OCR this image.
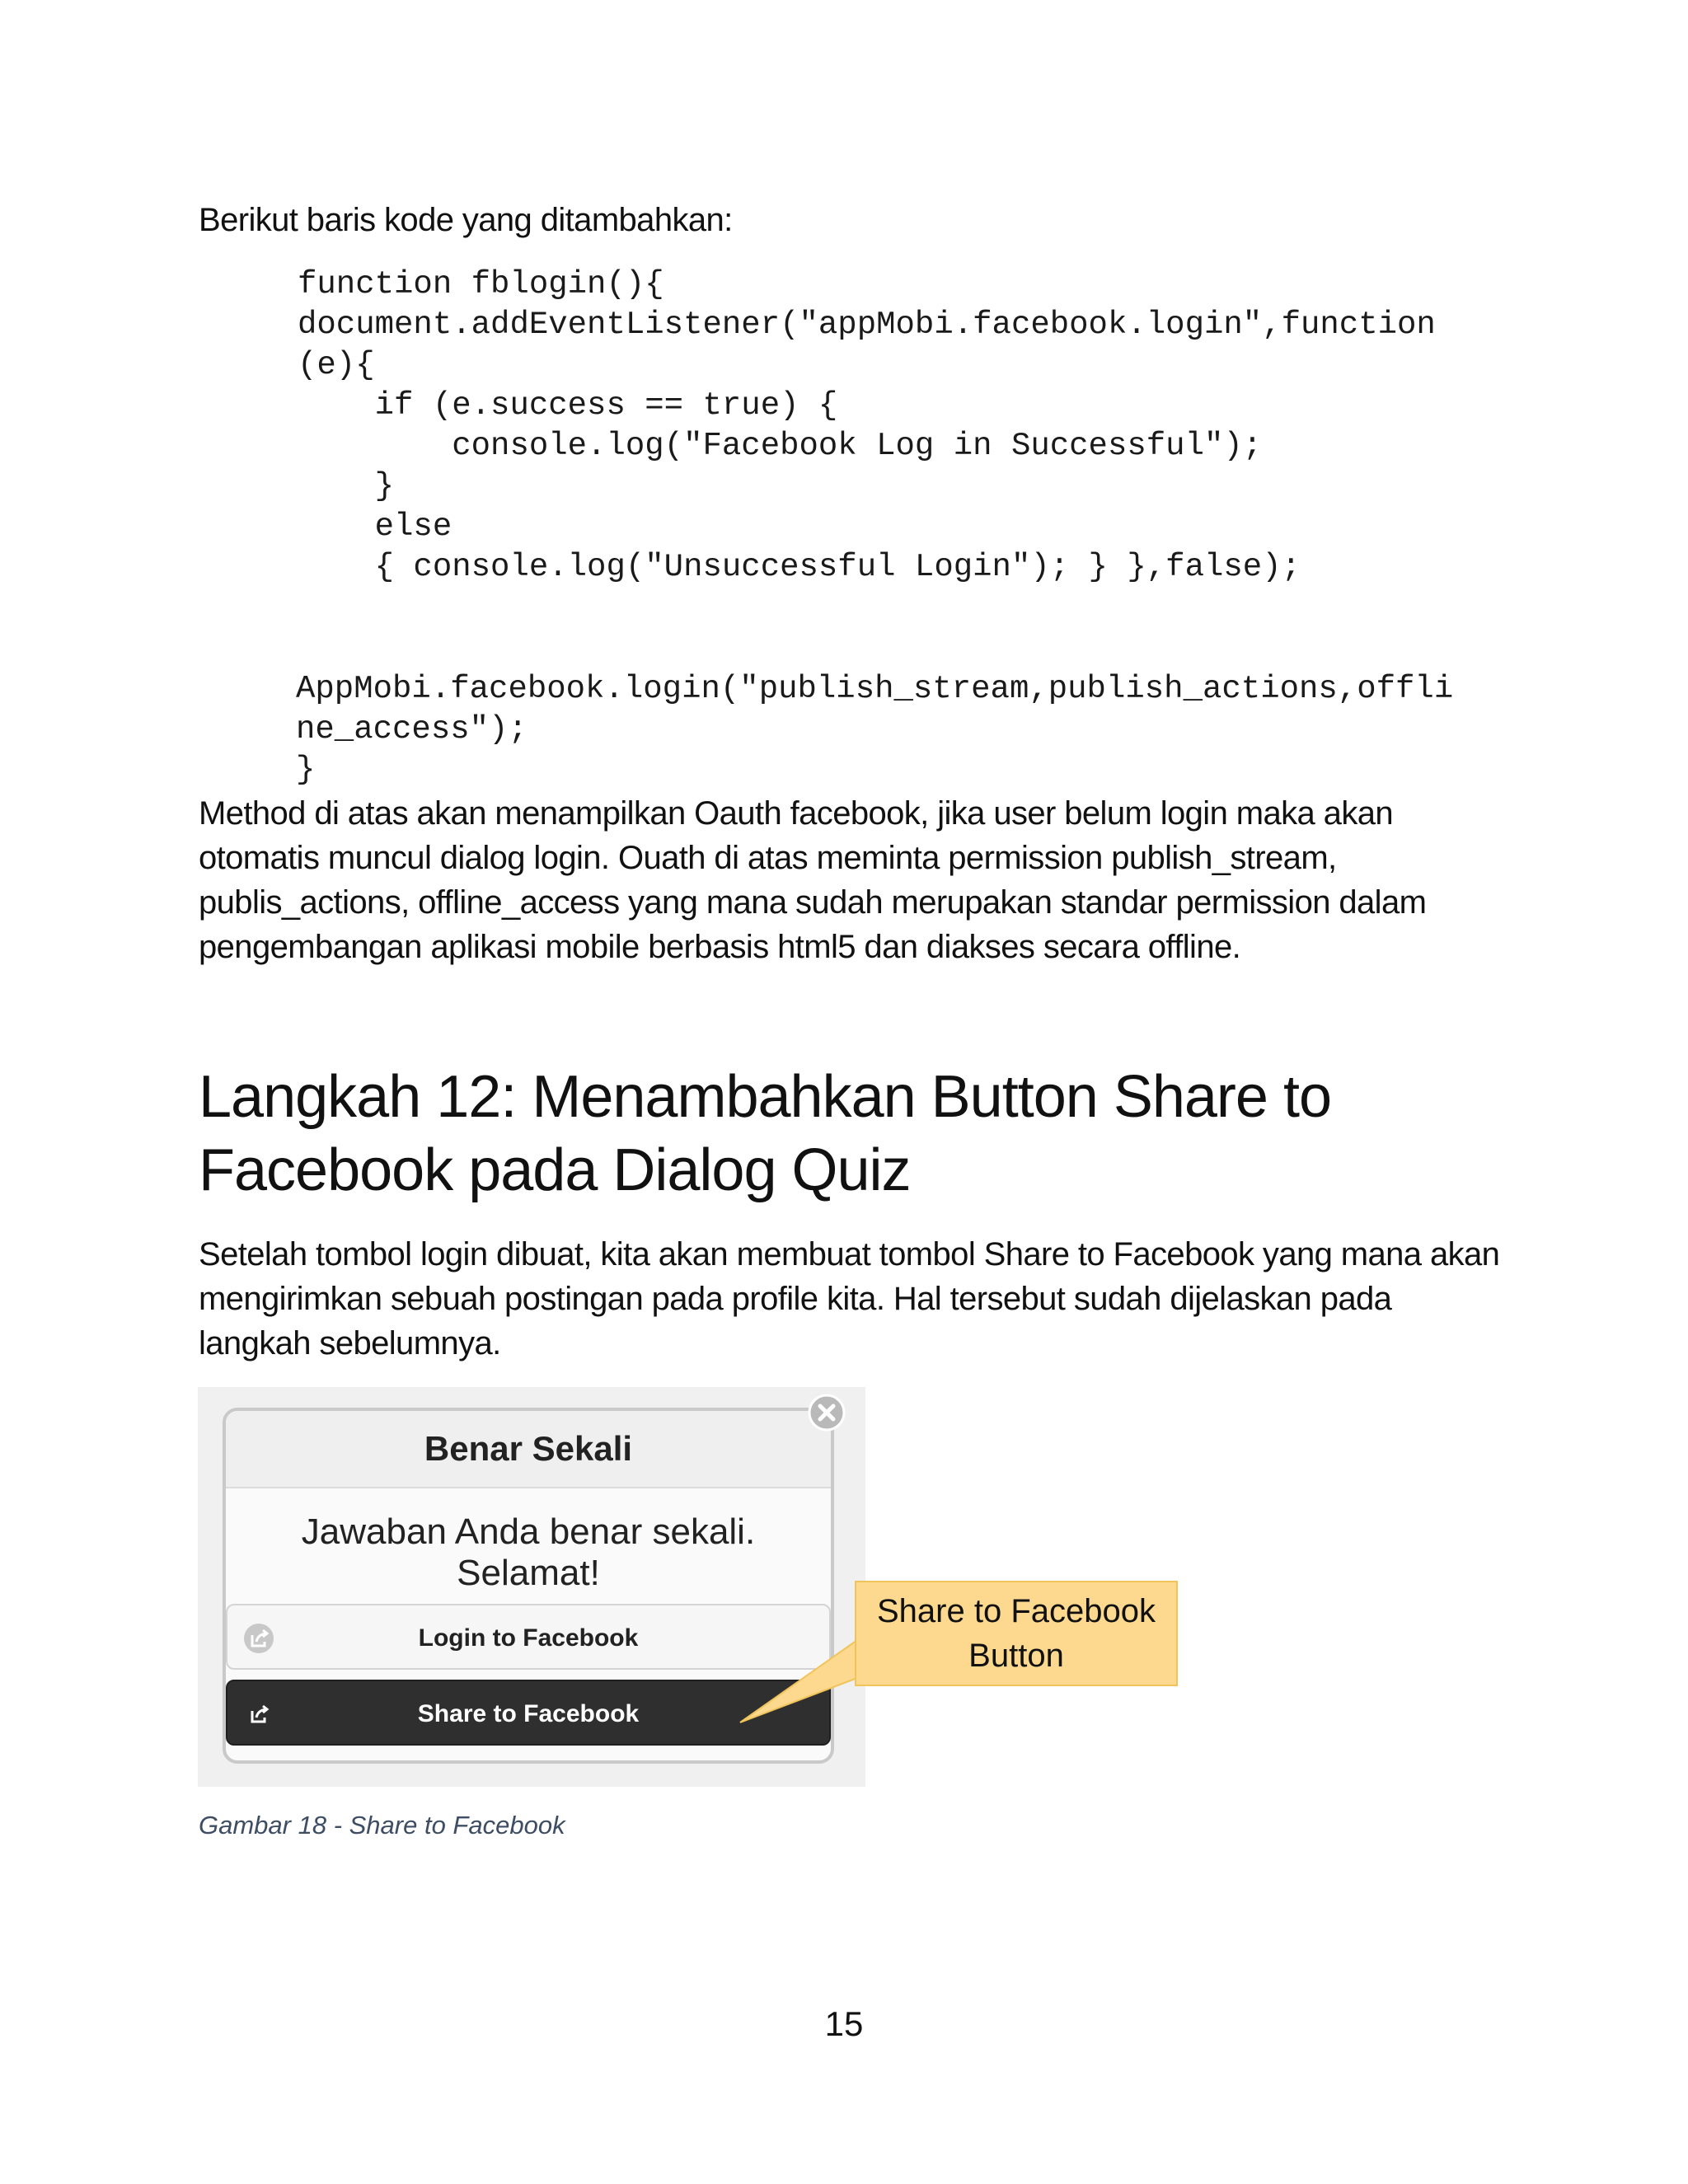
Berikut baris kode yang ditambahkan:
function fblogin(){
document.addEventListener("appMobi.facebook.login",function
(e){
if (e.success == true) {
console.log("Facebook Log in Successful");
}
else
{ console.log("Unsuccessful Login"); } },false);
AppMobi.facebook.login("publish_stream,publish_actions,offli
ne_access");
}
Method di atas akan menampilkan Oauth facebook, jika user belum login maka akan otomatis muncul dialog login. Ouath di atas meminta permission publish_stream, publis_actions, offline_access yang mana sudah merupakan standar permission dalam pengembangan aplikasi mobile berbasis html5 dan diakses secara offline.
Langkah 12: Menambahkan Button Share to Facebook pada Dialog Quiz
Setelah tombol login dibuat, kita akan membuat tombol Share to Facebook yang mana akan mengirimkan sebuah postingan pada profile kita. Hal tersebut sudah dijelaskan pada langkah sebelumnya.
Benar Sekali
Jawaban Anda benar sekali. Selamat!
Login to Facebook
Share to Facebook
Share to Facebook Button
Gambar 18 - Share to Facebook
15
